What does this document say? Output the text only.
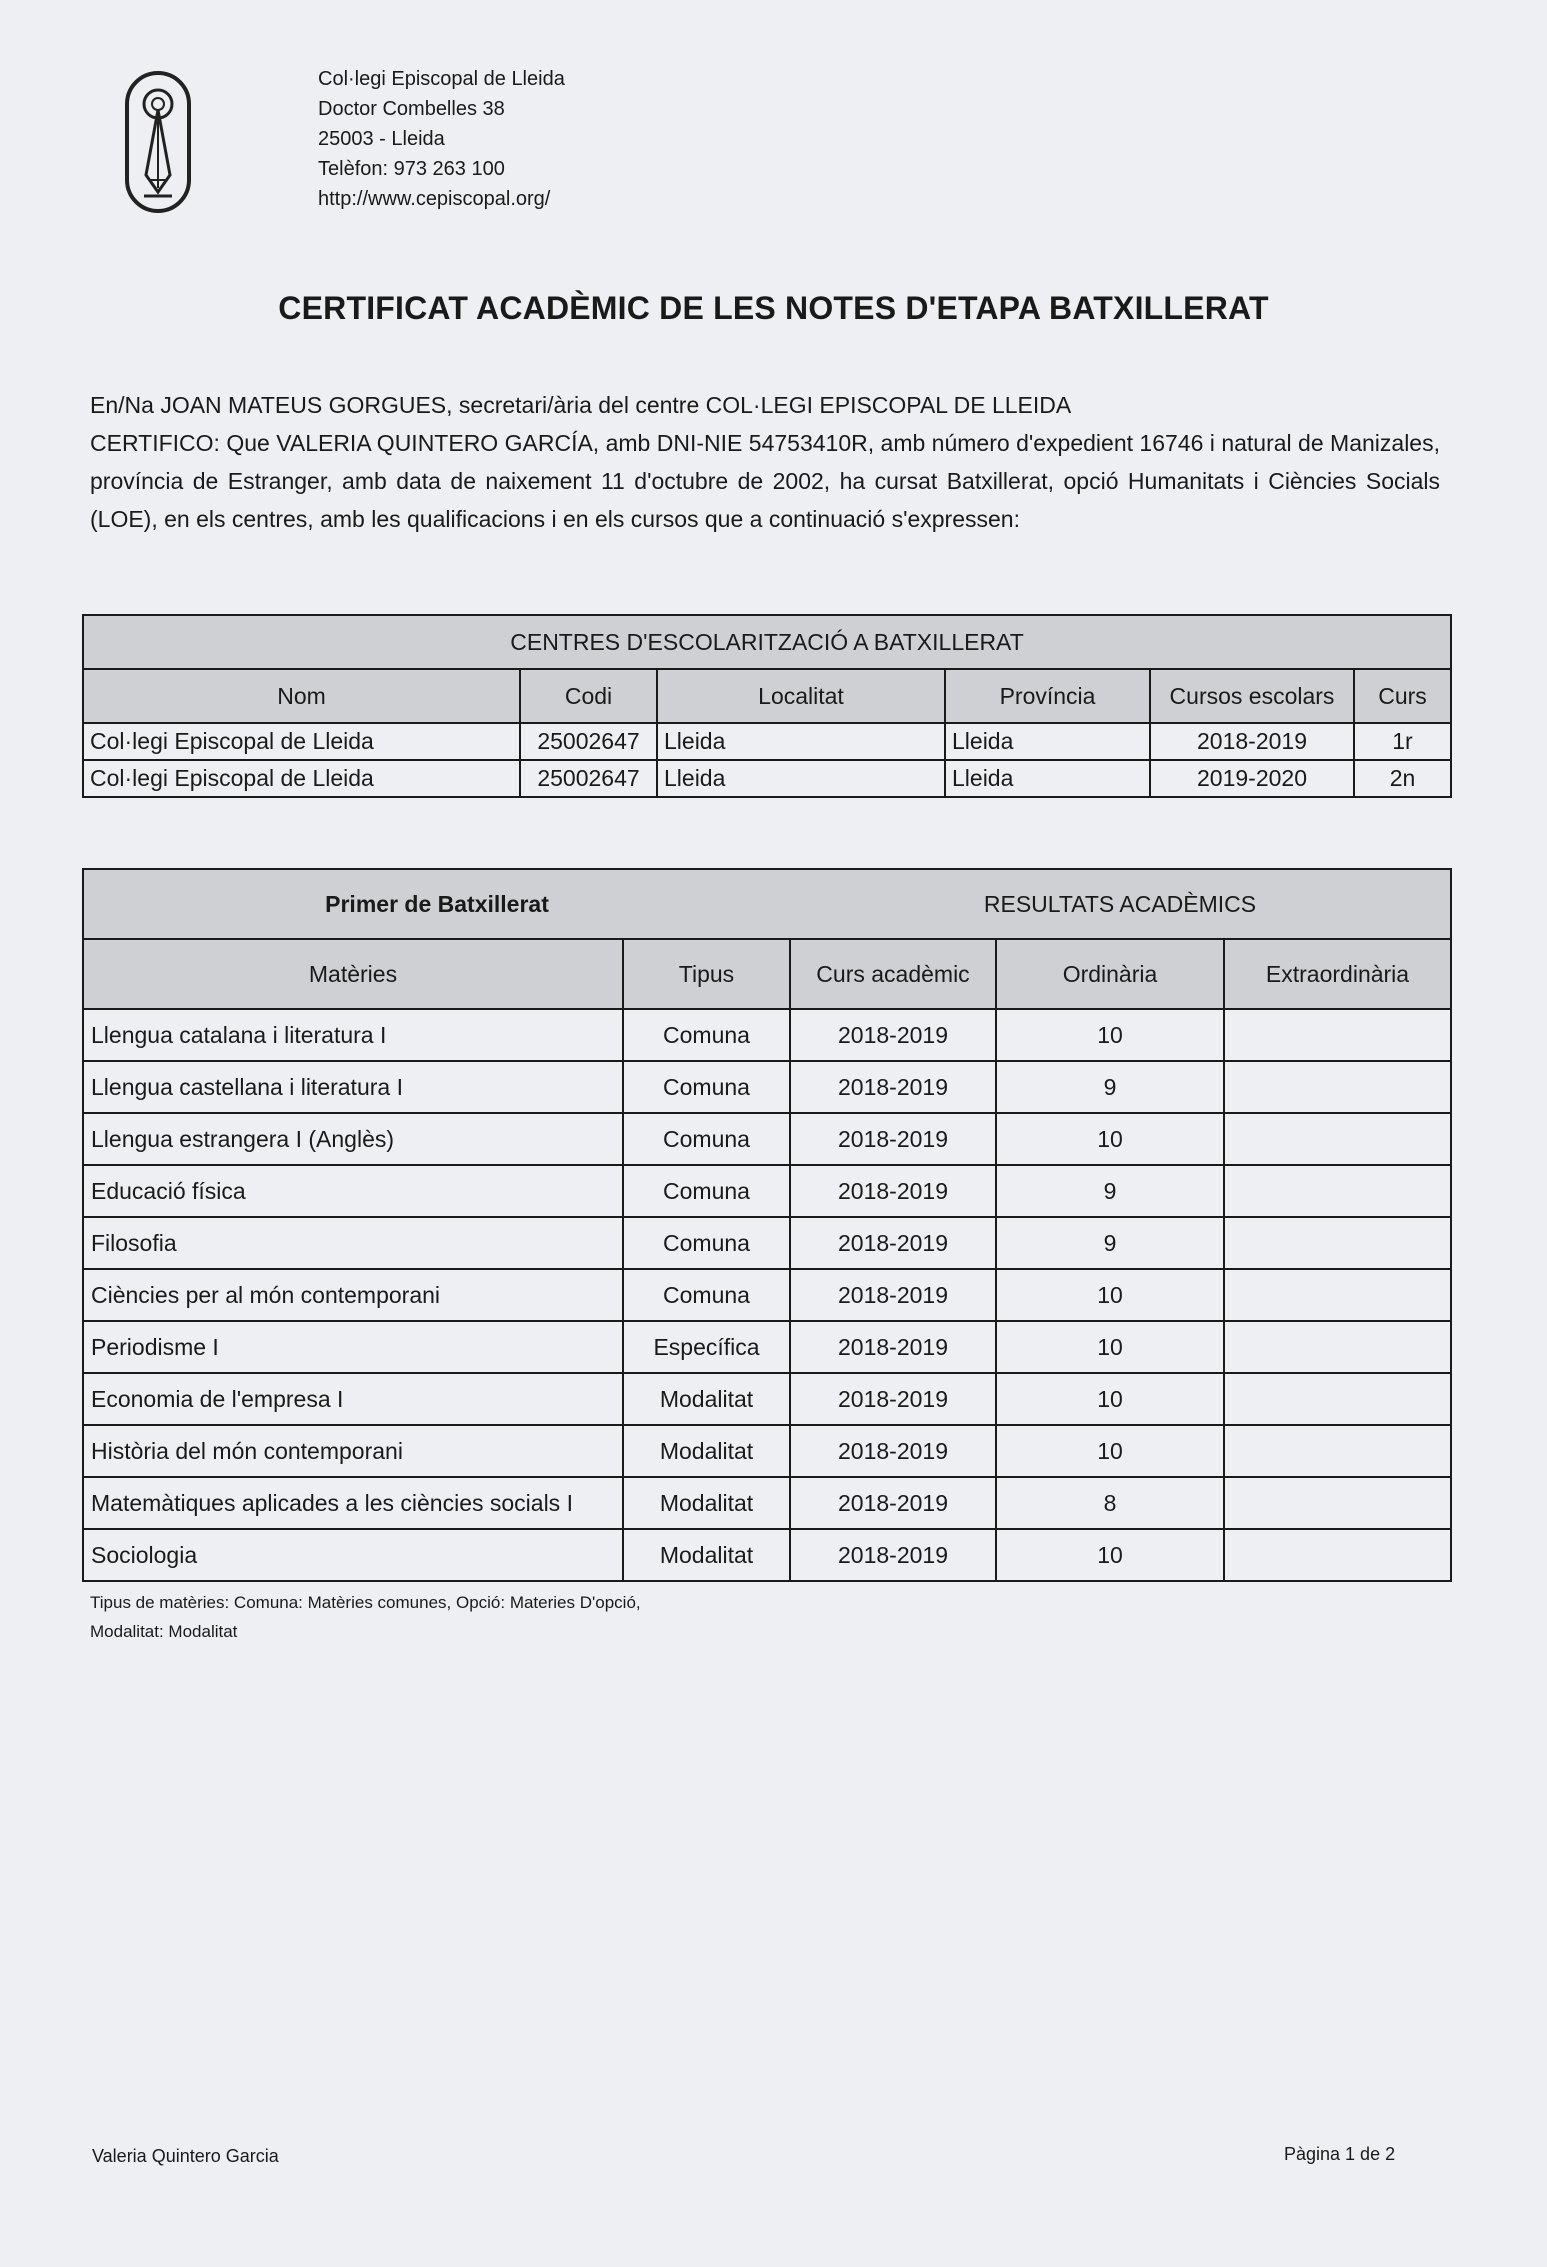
Col·legi Episcopal de Lleida
Doctor Combelles 38
25003 - Lleida
Telèfon: 973 263 100
http://www.cepiscopal.org/
CERTIFICAT ACADÈMIC DE LES NOTES D'ETAPA BATXILLERAT

En/Na JOAN MATEUS GORGUES, secretari/ària del centre COL·LEGI EPISCOPAL DE LLEIDA

CERTIFICO: Que VALERIA QUINTERO GARCÍA, amb DNI-NIE 54753410R, amb número d'expedient 16746 i natural de Manizales, província de Estranger, amb data de naixement 11 d'octubre de 2002, ha cursat Batxillerat, opció Humanitats i Ciències Socials (LOE), en els centres, amb les qualificacions i en els cursos que a continuació s'expressen:

CENTRES D'ESCOLARITZACIÓ A BATXILLERAT					
Nom	Codi	Localitat	Província	Cursos escolars	Curs
Col·legi Episcopal de Lleida	25002647	Lleida	Lleida	2018-2019	1r
Col·legi Episcopal de Lleida	25002647	Lleida	Lleida	2019-2020	2n
Primer de Batxillerat		RESULTATS ACADÈMICS		
Matèries	Tipus	Curs acadèmic	Ordinària	Extraordinària
Llengua catalana i literatura I	Comuna	2018-2019	10	
Llengua castellana i literatura I	Comuna	2018-2019	9	
Llengua estrangera I (Anglès)	Comuna	2018-2019	10	
Educació física	Comuna	2018-2019	9	
Filosofia	Comuna	2018-2019	9	
Ciències per al món contemporani	Comuna	2018-2019	10	
Periodisme I	Específica	2018-2019	10	
Economia de l'empresa I	Modalitat	2018-2019	10	
Història del món contemporani	Modalitat	2018-2019	10	
Matemàtiques aplicades a les ciències socials I	Modalitat	2018-2019	8	
Sociologia	Modalitat	2018-2019	10	
Tipus de matèries: Comuna: Matèries comunes, Opció: Materies D'opció,
Modalitat: Modalitat
Valeria Quintero Garcia	Pàgina 1 de 2
